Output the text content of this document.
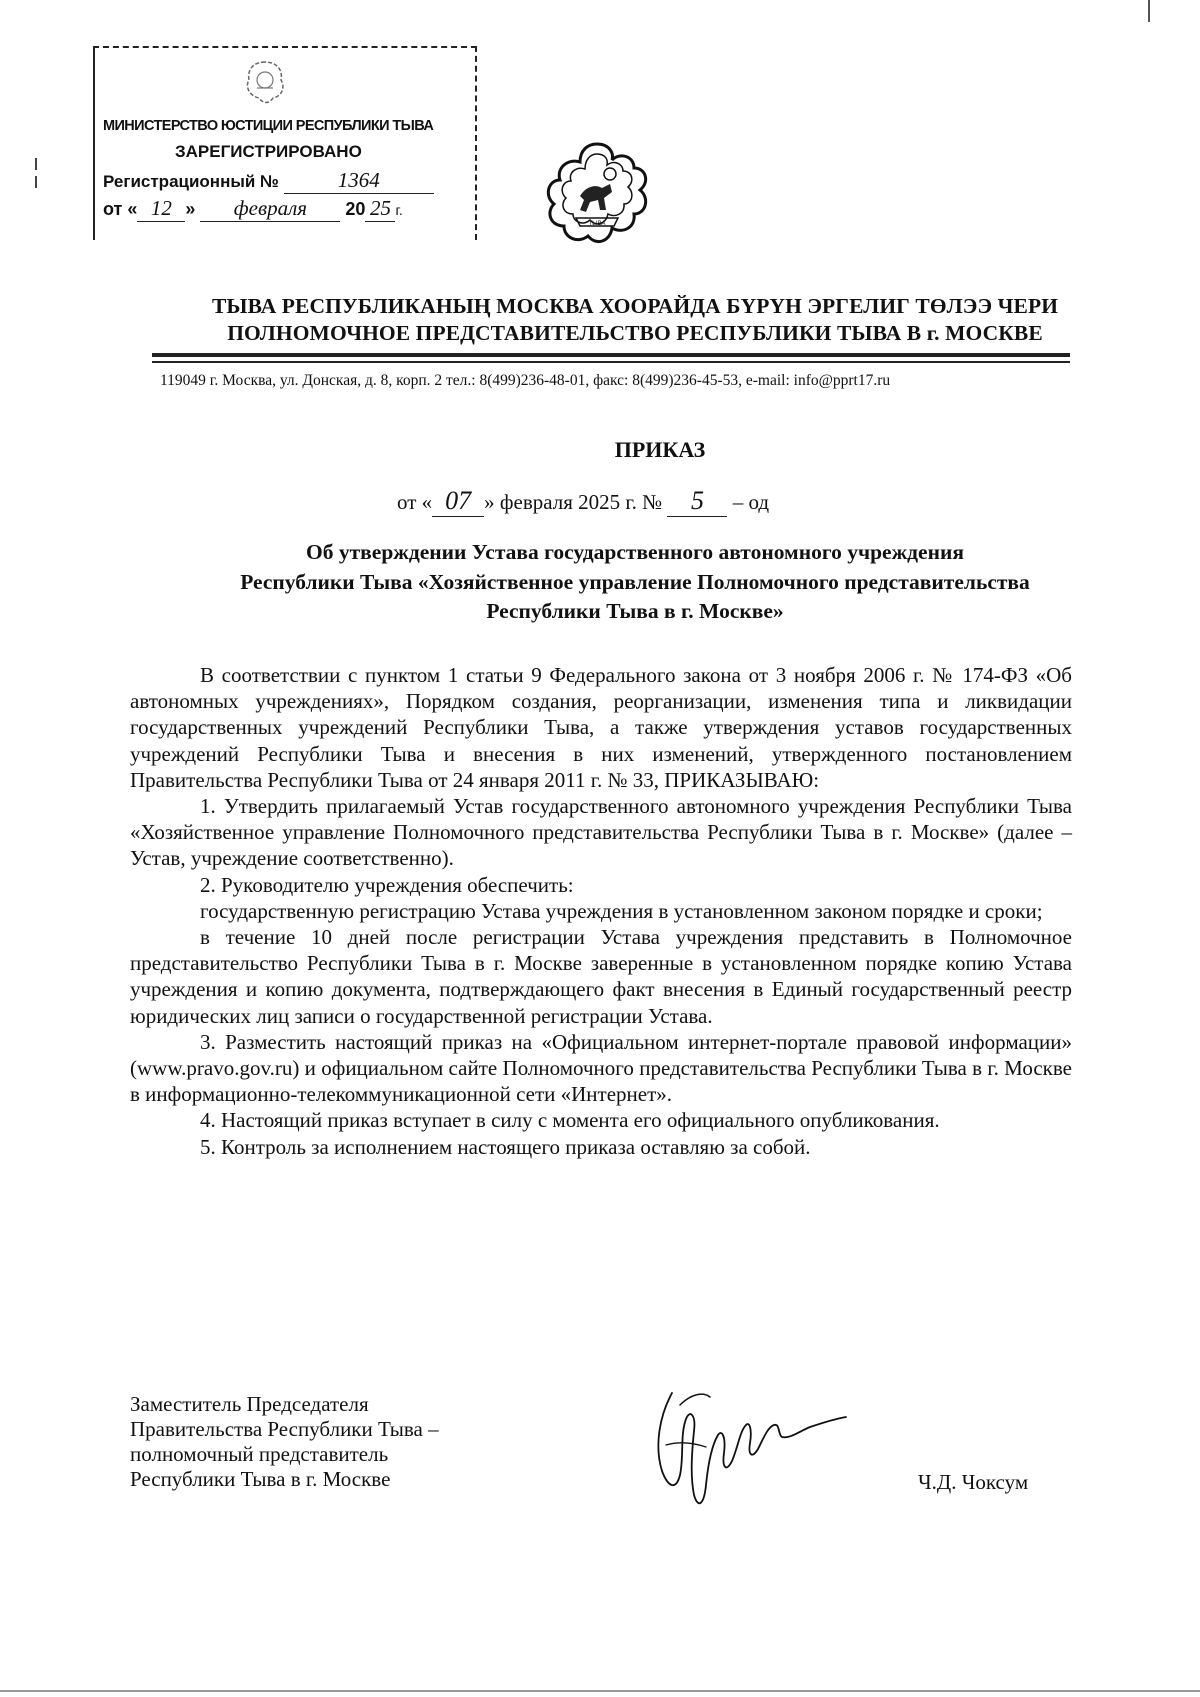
МИНИСТЕРСТВО ЮСТИЦИИ РЕСПУБЛИКИ ТЫВА
ЗАРЕГИСТРИРОВАНО
Регистрационный №	1364
от « 12 » февраля 20 25 г.
ТЫВА
ТЫВА РЕСПУБЛИКАНЫҢ МОСКВА ХООРАЙДА БҮРҮН ЭРГЕЛИГ ТӨЛЭЭ ЧЕРИ
ПОЛНОМОЧНОЕ ПРЕДСТАВИТЕЛЬСТВО РЕСПУБЛИКИ ТЫВА В г. МОСКВЕ
119049 г. Москва, ул. Донская, д. 8, корп. 2 тел.: 8(499)236-48-01, факс: 8(499)236-45-53, e-mail: info@pprt17.ru
ПРИКАЗ
от « 07 » февраля 2025 г. № 5 – од
Об утверждении Устава государственного автономного учреждения
Республики Тыва «Хозяйственное управление Полномочного представительства
Республики Тыва в г. Москве»

В соответствии с пунктом 1 статьи 9 Федерального закона от 3 ноября 2006 г. № 174-ФЗ «Об автономных учреждениях», Порядком создания, реорганизации, изменения типа и ликвидации государственных учреждений Республики Тыва, а также утверждения уставов государственных учреждений Республики Тыва и внесения в них изменений, утвержденного постановлением Правительства Республики Тыва от 24 января 2011 г. № 33, ПРИКАЗЫВАЮ:

1. Утвердить прилагаемый Устав государственного автономного учреждения Республики Тыва «Хозяйственное управление Полномочного представительства Республики Тыва в г. Москве» (далее – Устав, учреждение соответственно).

2. Руководителю учреждения обеспечить:

государственную регистрацию Устава учреждения в установленном законом порядке и сроки;

в течение 10 дней после регистрации Устава учреждения представить в Полномочное представительство Республики Тыва в г. Москве заверенные в установленном порядке копию Устава учреждения и копию документа, подтверждающего факт внесения в Единый государственный реестр юридических лиц записи о государственной регистрации Устава.

3. Разместить настоящий приказ на «Официальном интернет-портале правовой информации» (www.pravo.gov.ru) и официальном сайте Полномочного представительства Республики Тыва в г. Москве в информационно-телекоммуникационной сети «Интернет».

4. Настоящий приказ вступает в силу с момента его официального опубликования.

5. Контроль за исполнением настоящего приказа оставляю за собой.

Заместитель Председателя
Правительства Республики Тыва –
полномочный представитель
Республики Тыва в г. Москве	Ч.Д. Чоксум
